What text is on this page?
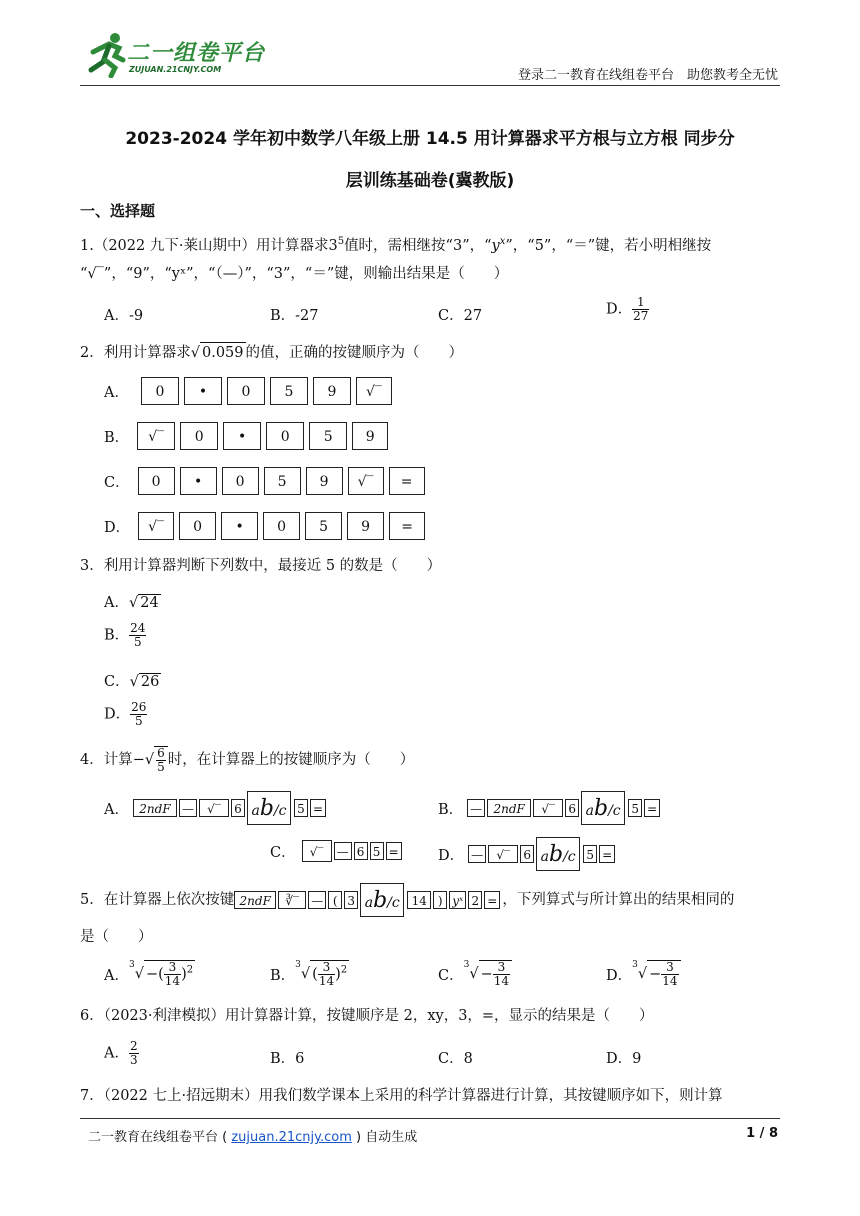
二一组卷平台
ZUJUAN.21CNJY.COM	登录二一教育在线组卷平台　助您教考全无忧
2023-2024 学年初中数学八年级上册 14.5 用计算器求平方根与立方根 同步分
层训练基础卷(冀教版)
一、选择题
1.（2022 九下·莱山期中）用计算器求$3^5$值时，需相继按“3”，“$y^x$”，“5”，“＝”键，若小明相继按
“√‾”，“9”，“yˣ”，“（—）”，“3”，“＝”键，则输出结果是（　　）
A．-9	B．-27	C．27	D． $\frac{1}{27}$
2．利用计算器求√ 0.059 的值，正确的按键顺序为（　　）
A．	0	•	0	5	9	√‾
B．	√‾	0	•	0	5	9
C．	0	•	0	5	9	√‾	=
D．	√‾	0	•	0	5	9	=
3．利用计算器判断下列数中，最接近 5 的数是（　　）
A．√ 24
B． $\frac{24}{5}$
C．√ 26
D． $\frac{26}{5}$
4．计算 − √ $\frac{6}{5}$ 时，在计算器上的按键顺序为（　　）
A． 2ndF —	√‾	6 ab/c 5 =	B． — 2ndF	√‾	6 ab/c 5 =
C．	√‾	— 6 5 =	D． —	√‾	6 ab/c 5 =
5．在计算器上依次按键 2ndF	∛‾	— ( 3 ab/c 14 ) yˣ 2 = ，下列算式与所计算出的结果相同的
是（　　）
A．
$^3$
√ −( $\frac{3}{14} )^2$	B．
$^3$
√ ( $\frac{3}{14} )^2$	C．
$^3$
√ − $\frac{3}{14}$	D．
$^3$
√ − $\frac{3}{14}$
6．（2023·利津模拟）用计算器计算，按键顺序是 2，xy，3，=，显示的结果是（　　）
A． $\frac{2}{3}$	B．6	C．8	D．9
7．（2022 七上·招远期末）用我们数学课本上采用的科学计算器进行计算，其按键顺序如下，则计算
二一教育在线组卷平台 ( zujuan.21cnjy.com ) 自动生成	1 / 8
